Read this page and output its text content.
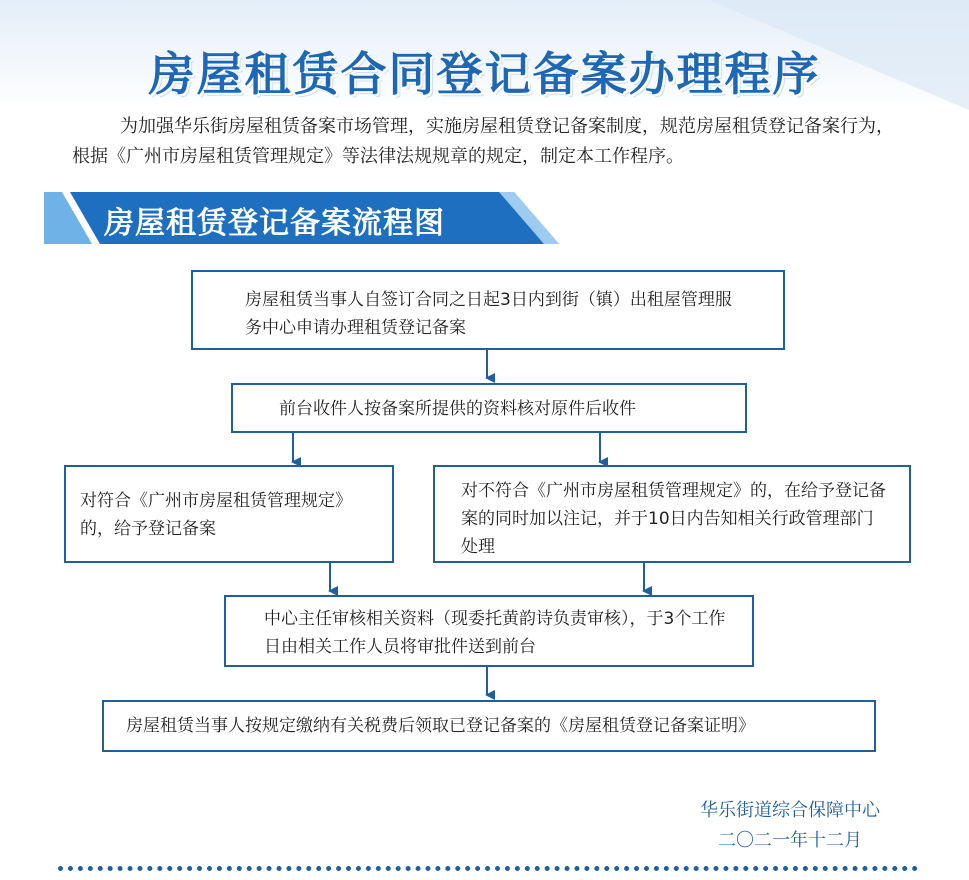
房屋租赁合同登记备案办理程序
为加强华乐街房屋租赁备案市场管理，实施房屋租赁登记备案制度，规范房屋租赁登记备案行为，根据《广州市房屋租赁管理规定》等法律法规规章的规定，制定本工作程序。
房屋租赁登记备案流程图
房屋租赁当事人自签订合同之日起3日内到街（镇）出租屋管理服务中心申请办理租赁登记备案
前台收件人按备案所提供的资料核对原件后收件
对符合《广州市房屋租赁管理规定》的，给予登记备案
对不符合《广州市房屋租赁管理规定》的，在给予登记备案的同时加以注记，并于10日内告知相关行政管理部门处理
中心主任审核相关资料（现委托黄韵诗负责审核），于3个工作日由相关工作人员将审批件送到前台
房屋租赁当事人按规定缴纳有关税费后领取已登记备案的《房屋租赁登记备案证明》
华乐街道综合保障中心
二〇二一年十二月
